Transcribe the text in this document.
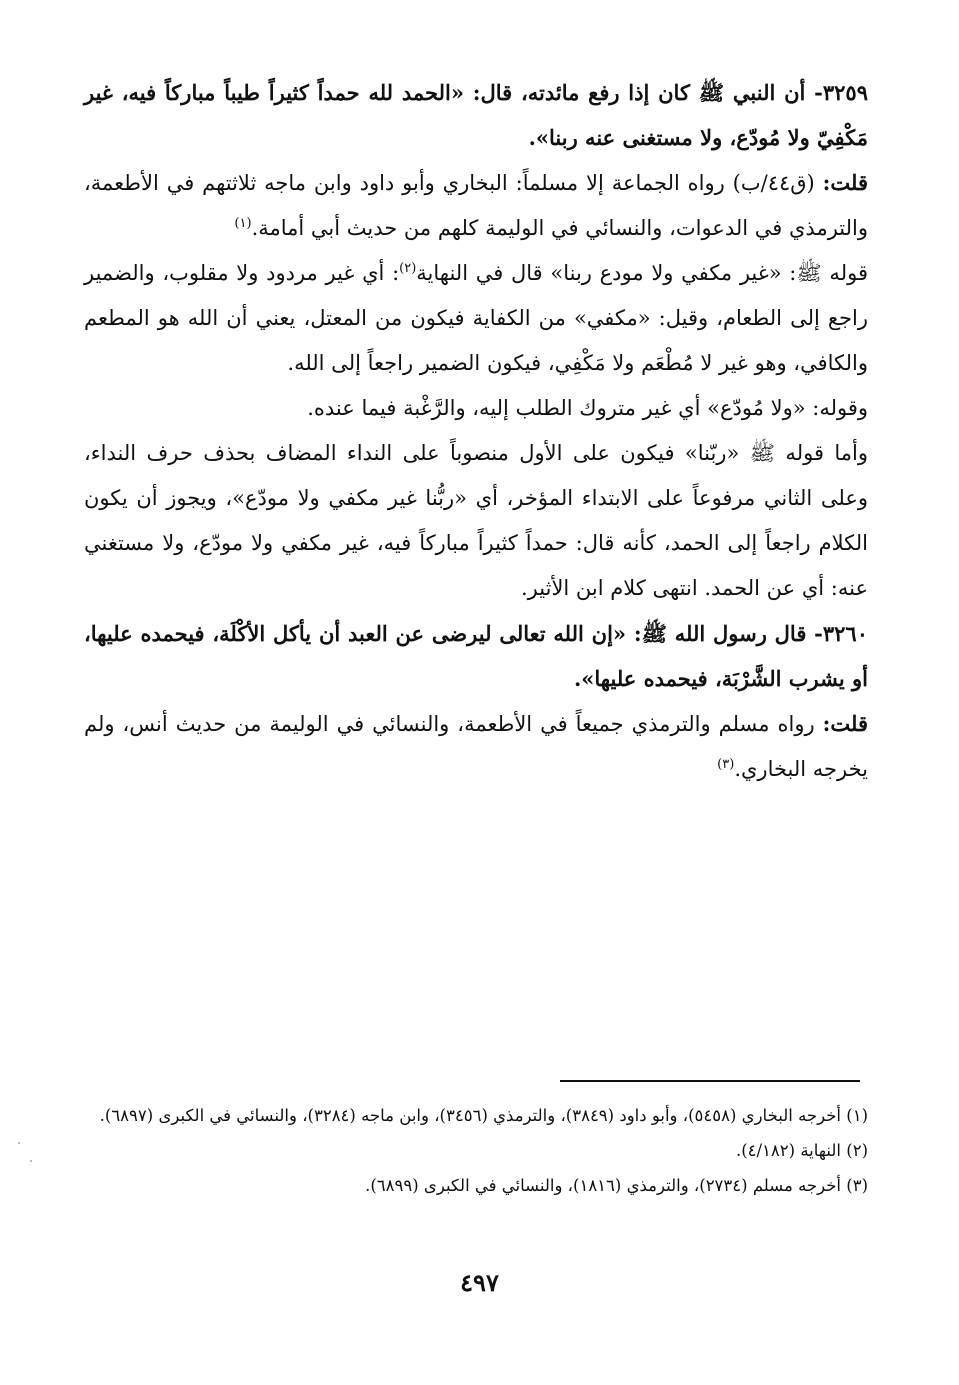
٣٢٥٩- أن النبي ﷺ كان إذا رفع مائدته، قال: «الحمد لله حمداً كثيراً طيباً مباركاً فيه، غير مَكْفِيّ ولا مُودّع، ولا مستغنى عنه ربنا».

قلت: (ق٤٤/ب) رواه الجماعة إلا مسلماً: البخاري وأبو داود وابن ماجه ثلاثتهم في الأطعمة، والترمذي في الدعوات، والنسائي في الوليمة كلهم من حديث أبي أمامة.$^{(١)}$

قوله ﷺ: «غير مكفي ولا مودع ربنا» قال في النهاية$^{(٢)}$: أي غير مردود ولا مقلوب، والضمير راجع إلى الطعام، وقيل: «مكفي» من الكفاية فيكون من المعتل، يعني أن الله هو المطعم والكافي، وهو غير لا مُطْعَم ولا مَكْفِي، فيكون الضمير راجعاً إلى الله.

وقوله: «ولا مُودّع» أي غير متروك الطلب إليه، والرَّغْبة فيما عنده.

وأما قوله ﷺ «ربّنا» فيكون على الأول منصوباً على النداء المضاف بحذف حرف النداء، وعلى الثاني مرفوعاً على الابتداء المؤخر، أي «ربُّنا غير مكفي ولا مودّع»، ويجوز أن يكون الكلام راجعاً إلى الحمد، كأنه قال: حمداً كثيراً مباركاً فيه، غير مكفي ولا مودّع، ولا مستغني عنه: أي عن الحمد. انتهى كلام ابن الأثير.

٣٢٦٠- قال رسول الله ﷺ: «إن الله تعالى ليرضى عن العبد أن يأكل الأكْلَة، فيحمده عليها، أو يشرب الشَّرْبَة، فيحمده عليها».

قلت: رواه مسلم والترمذي جميعاً في الأطعمة، والنسائي في الوليمة من حديث أنس، ولم يخرجه البخاري.$^{(٣)}$

(١) أخرجه البخاري (٥٤٥٨)، وأبو داود (٣٨٤٩)، والترمذي (٣٤٥٦)، وابن ماجه (٣٢٨٤)، والنسائي في الكبرى (٦٨٩٧).

(٢) النهاية (٤/١٨٢).

(٣) أخرجه مسلم (٢٧٣٤)، والترمذي (١٨١٦)، والنسائي في الكبرى (٦٨٩٩).

٤٩٧
